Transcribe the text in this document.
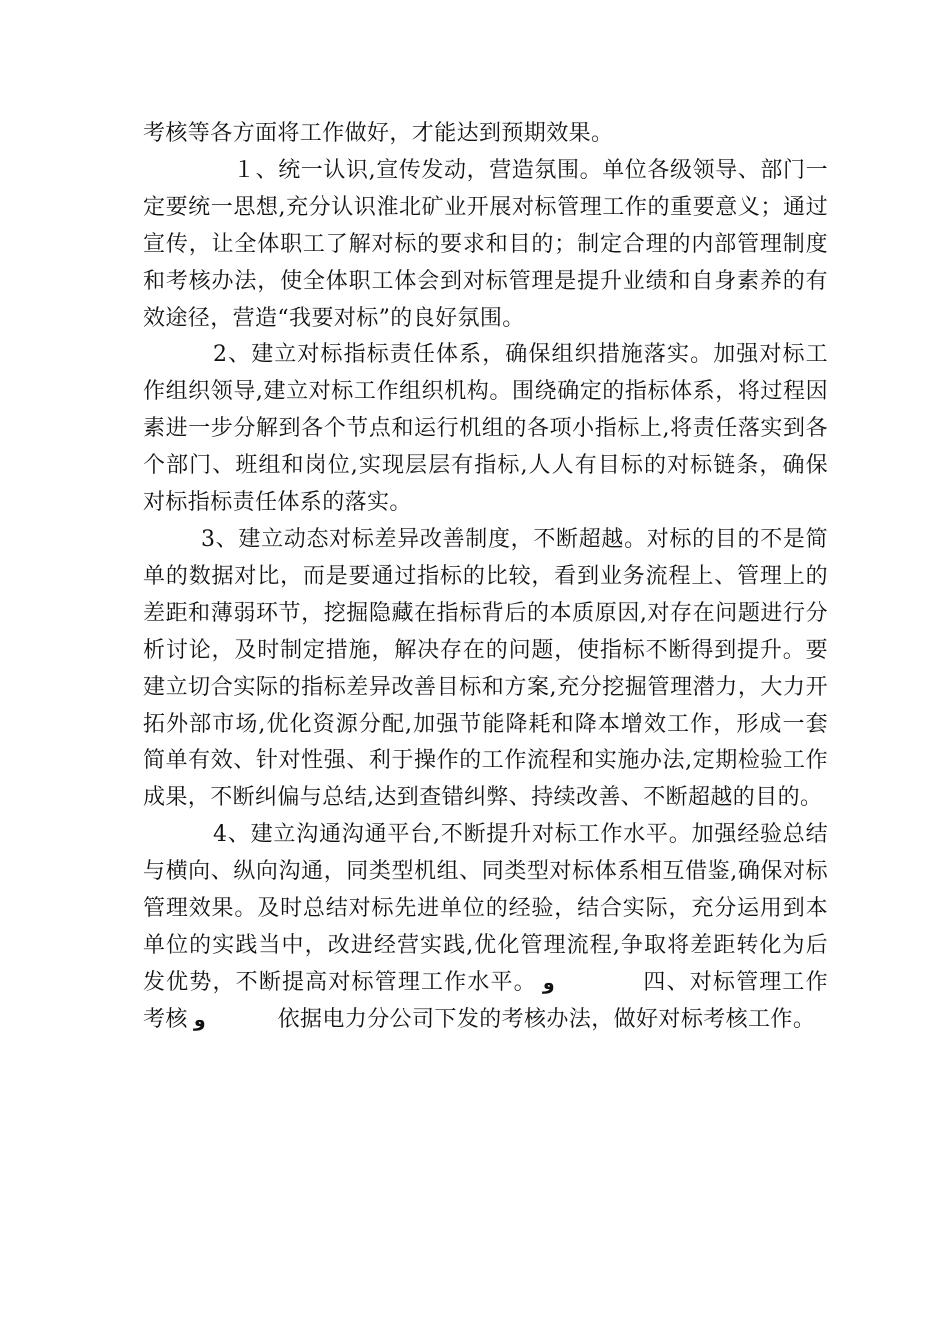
考核等各方面将工作做好，才能达到预期效果。

１、统一认识,宣传发动，营造氛围。单位各级领导、部门一定要统一思想,充分认识淮北矿业开展对标管理工作的重要意义；通过宣传，让全体职工了解对标的要求和目的；制定合理的内部管理制度和考核办法，使全体职工体会到对标管理是提升业绩和自身素养的有效途径，营造“我要对标”的良好氛围。

2、建立对标指标责任体系，确保组织措施落实。加强对标工作组织领导,建立对标工作组织机构。围绕确定的指标体系，将过程因素进一步分解到各个节点和运行机组的各项小指标上,将责任落实到各个部门、班组和岗位,实现层层有指标,人人有目标的对标链条，确保对标指标责任体系的落实。

3、建立动态对标差异改善制度，不断超越。对标的目的不是简单的数据对比，而是要通过指标的比较，看到业务流程上、管理上的差距和薄弱环节，挖掘隐藏在指标背后的本质原因,对存在问题进行分析讨论，及时制定措施，解决存在的问题，使指标不断得到提升。要建立切合实际的指标差异改善目标和方案,充分挖掘管理潜力，大力开拓外部市场,优化资源分配,加强节能降耗和降本增效工作，形成一套简单有效、针对性强、利于操作的工作流程和实施办法,定期检验工作成果，不断纠偏与总结,达到查错纠弊、持续改善、不断超越的目的。

4、建立沟通沟通平台,不断提升对标工作水平。加强经验总结与横向、纵向沟通，同类型机组、同类型对标体系相互借鉴,确保对标管理效果。及时总结对标先进单位的经验，结合实际，充分运用到本单位的实践当中，改进经营实践,优化管理流程,争取将差距转化为后发优势，不断提高对标管理工作水平。 و	四、对标管理工作考核 و	依据电力分公司下发的考核办法，做好对标考核工作。
